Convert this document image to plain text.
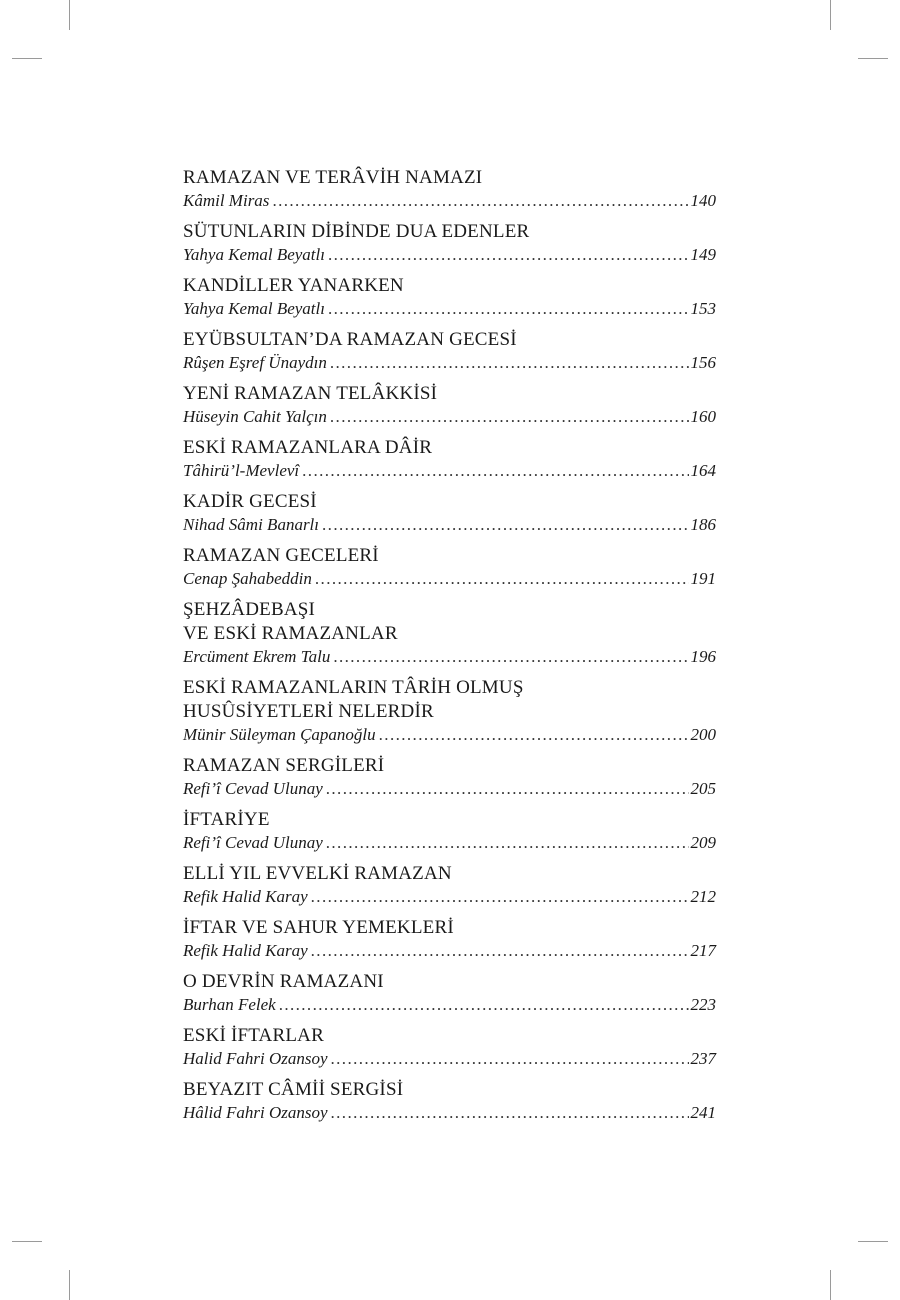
RAMAZAN VE TERÂVİH NAMAZI
Kâmil Miras .....	140
SÜTUNLARIN DİBİNDE DUA EDENLER
Yahya Kemal Beyatlı .....	149
KANDİLLER YANARKEN
Yahya Kemal Beyatlı .....	153
EYÜBSULTAN’DA RAMAZAN GECESİ
Rûşen Eşref Ünaydın .....	156
YENİ RAMAZAN TELÂKKİSİ
Hüseyin Cahit Yalçın .....	160
ESKİ RAMAZANLARA DÂİR
Tâhirü’l-Mevlevî .....	164
KADİR GECESİ
Nihad Sâmi Banarlı .....	186
RAMAZAN GECELERİ
Cenap Şahabeddin .....	191
ŞEHZÂDEBAŞI
VE ESKİ RAMAZANLAR
Ercüment Ekrem Talu .....	196
ESKİ RAMAZANLARIN TÂRİH OLMUŞ
HUSÛSİYETLERİ NELERDİR
Münir Süleyman Çapanoğlu .....	200
RAMAZAN SERGİLERİ
Refi’î Cevad Ulunay .....	205
İFTARİYE
Refi’î Cevad Ulunay .....	209
ELLİ YIL EVVELKİ RAMAZAN
Refik Halid Karay .....	212
İFTAR VE SAHUR YEMEKLERİ
Refik Halid Karay .....	217
O DEVRİN RAMAZANI
Burhan Felek .....	223
ESKİ İFTARLAR
Halid Fahri Ozansoy .....	237
BEYAZIT CÂMİİ SERGİSİ
Hâlid Fahri Ozansoy .....	241
